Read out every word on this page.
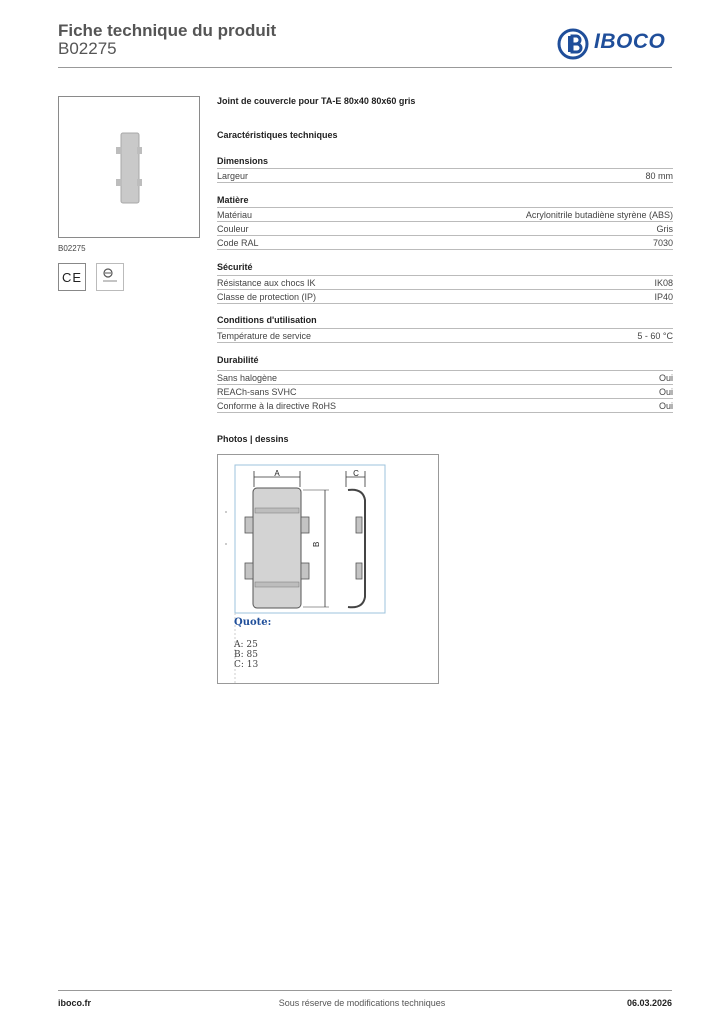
Fiche technique du produit
B02275	IBOCO
B02275
CE
Joint de couvercle pour TA-E 80x40 80x60 gris
Caractéristiques techniques
Dimensions
Largeur	80 mm
Matière
Matériau	Acrylonitrile butadiène styrène (ABS)
Couleur	Gris
Code RAL	7030
Sécurité
Résistance aux chocs IK	IK08
Classe de protection (IP)	IP40
Conditions d'utilisation
Température de service	5 - 60 °C
Durabilité
Sans halogène	Oui
REACh-sans SVHC	Oui
Conforme à la directive RoHS	Oui
Photos | dessins
A
B
C
Quote:
A: 25
B: 85
C: 13
iboco.fr	Sous réserve de modifications techniques	06.03.2026
